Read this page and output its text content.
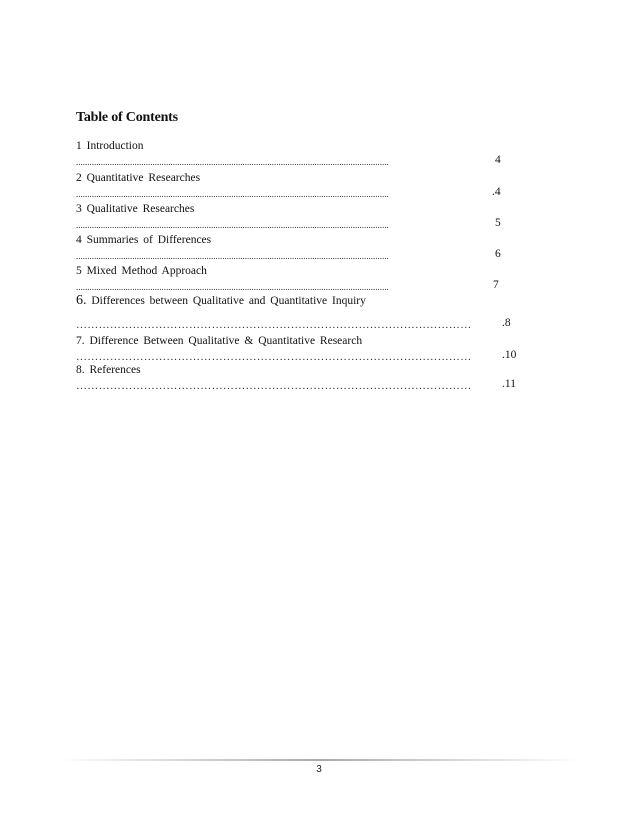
Table of Contents
1 Introduction
...........................................................................................................................................	4
2 Quantitative Researches
...........................................................................................................................................	.4
3 Qualitative Researches
...........................................................................................................................................	5
4 Summaries of Differences
...........................................................................................................................................	6
5 Mixed Method Approach
...........................................................................................................................................	7
6. Differences between Qualitative and Quantitative Inquiry
……………………………………………………………………………………………	.8
7. Difference Between Qualitative & Quantitative Research
……………………………………………………………………………………………	.10
8. References
……………………………………………………………………………………………	.11
3
